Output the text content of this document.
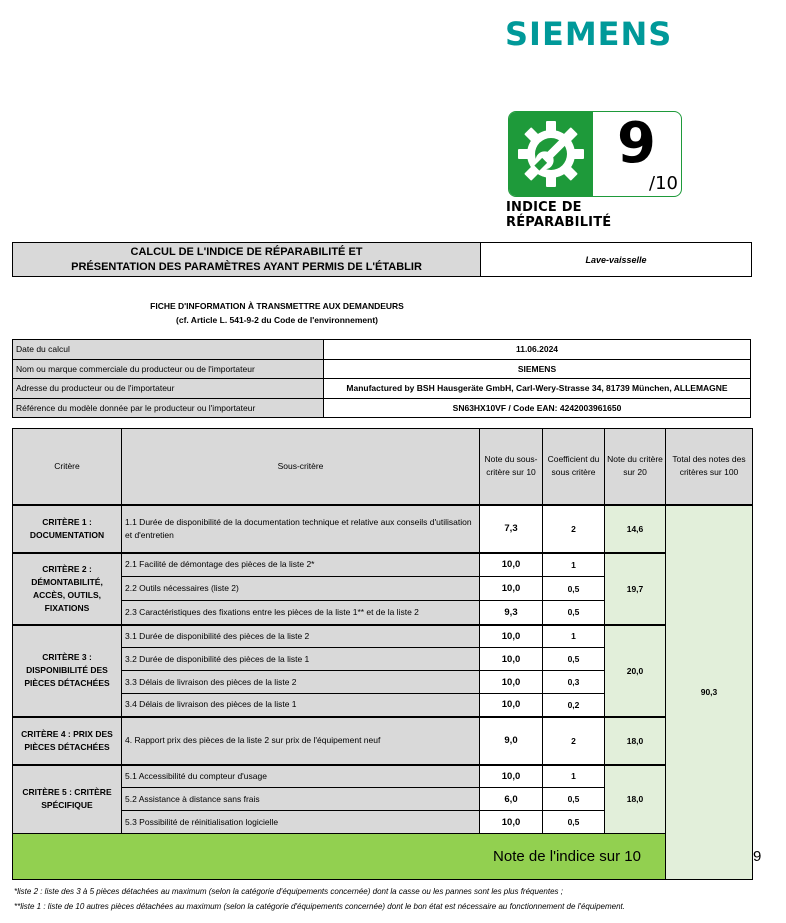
SIEMENS
9
/10
INDICE DE RÉPARABILITÉ
CALCUL DE L'INDICE DE RÉPARABILITÉ ET
PRÉSENTATION DES PARAMÈTRES AYANT PERMIS DE L'ÉTABLIR
Lave-vaisselle
FICHE D'INFORMATION À TRANSMETTRE AUX DEMANDEURS
(cf. Article L. 541-9-2 du Code de l'environnement)
Date du calcul	11.06.2024
Nom ou marque commerciale du producteur ou de l'importateur	SIEMENS
Adresse du producteur ou de l'importateur	Manufactured by BSH Hausgeräte GmbH, Carl-Wery-Strasse 34, 81739 München, ALLEMAGNE
Référence du modèle donnée par le producteur ou l'importateur	SN63HX10VF / Code EAN: 4242003961650
Critère	Sous-critère	Note du sous-critère sur 10	Coefficient du sous critère	Note du critère sur 20	Total des notes des critères sur 100	
CRITÈRE 1 : DOCUMENTATION	1.1 Durée de disponibilité de la documentation technique et relative aux conseils d'utilisation et d'entretien	7,3	2	14,6	90,3	
CRITÈRE 2 : DÉMONTABILITÉ, ACCÈS, OUTILS, FIXATIONS	2.1 Facilité de démontage des pièces de la liste 2*	10,0	1	19,7		
	2.2 Outils nécessaires (liste 2)	10,0	0,5			
	2.3 Caractéristiques des fixations entre les pièces de la liste 1** et de la liste 2	9,3	0,5			
CRITÈRE 3 : DISPONIBILITÉ DES PIÈCES DÉTACHÉES	3.1 Durée de disponibilité des pièces de la liste 2	10,0	1	20,0		
	3.2 Durée de disponibilité des pièces de la liste 1	10,0	0,5			
	3.3 Délais de livraison des pièces de la liste 2	10,0	0,3			
	3.4 Délais de livraison des pièces de la liste 1	10,0	0,2			
CRITÈRE 4 : PRIX DES PIÈCES DÉTACHÉES	4. Rapport prix des pièces de la liste 2 sur prix de l'équipement neuf	9,0	2	18,0		
CRITÈRE 5 : CRITÈRE SPÉCIFIQUE	5.1 Accessibilité du compteur d'usage	10,0	1	18,0		
	5.2 Assistance à distance sans frais	6,0	0,5			
	5.3 Possibilité de réinitialisation logicielle	10,0	0,5			
Note de l'indice sur 10						9
*liste 2 : liste des 3 à 5 pièces détachées au maximum (selon la catégorie d'équipements concernée) dont la casse ou les pannes sont les plus fréquentes ;
**liste 1 : liste de 10 autres pièces détachées au maximum (selon la catégorie d'équipements concernée) dont le bon état est nécessaire au fonctionnement de l'équipement.
